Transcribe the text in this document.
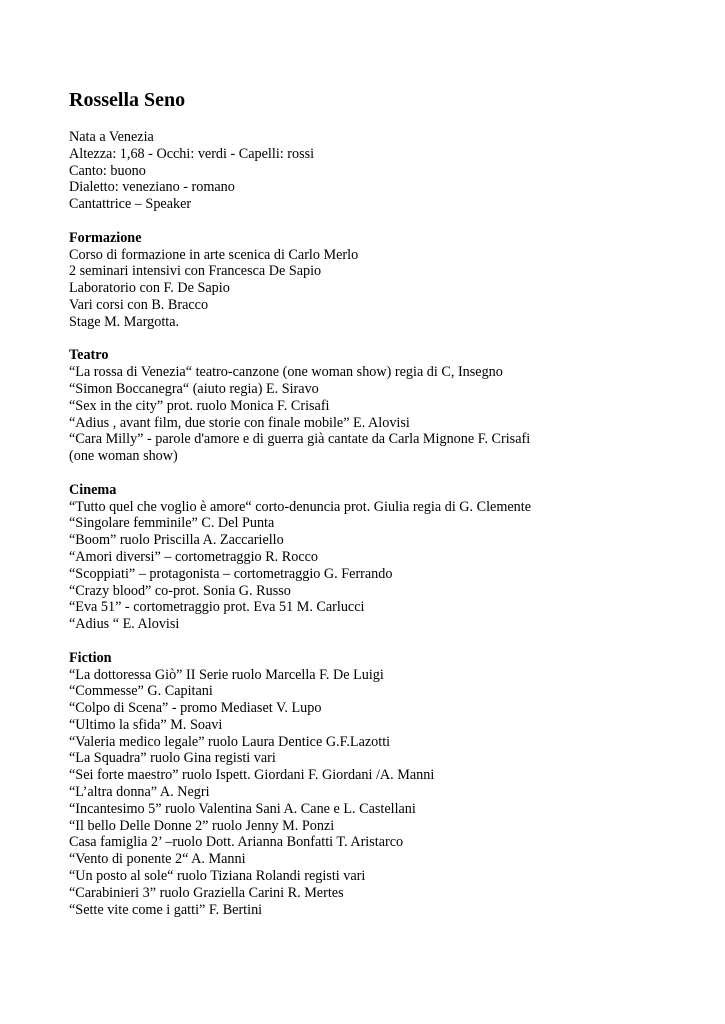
Rossella Seno
Nata a Venezia
Altezza: 1,68 - Occhi: verdi - Capelli: rossi
Canto: buono
Dialetto: veneziano - romano
Cantattrice – Speaker
Formazione
Corso di formazione in arte scenica di Carlo Merlo
2 seminari intensivi con Francesca De Sapio
Laboratorio con F. De Sapio
Vari corsi con B. Bracco
Stage M. Margotta.
Teatro
“La rossa di Venezia“ teatro-canzone (one woman show) regia di C, Insegno
“Simon Boccanegra“ (aiuto regia) E. Siravo
“Sex in the city” prot. ruolo Monica F. Crisafi
“Adius , avant film, due storie con finale mobile” E. Alovisi
“Cara Milly” - parole d'amore e di guerra già cantate da Carla Mignone F. Crisafi
(one woman show)
Cinema
“Tutto quel che voglio è amore“ corto-denuncia prot. Giulia regia di G. Clemente
“Singolare femminile” C. Del Punta
“Boom” ruolo Priscilla A. Zaccariello
“Amori diversi” – cortometraggio R. Rocco
“Scoppiati” – protagonista – cortometraggio G. Ferrando
“Crazy blood” co-prot. Sonia G. Russo
“Eva 51” - cortometraggio prot. Eva 51 M. Carlucci
“Adius “ E. Alovisi
Fiction
“La dottoressa Giò” II Serie ruolo Marcella F. De Luigi
“Commesse” G. Capitani
“Colpo di Scena” - promo Mediaset V. Lupo
“Ultimo la sfida” M. Soavi
“Valeria medico legale” ruolo Laura Dentice G.F.Lazotti
“La Squadra” ruolo Gina registi vari
“Sei forte maestro” ruolo Ispett. Giordani F. Giordani /A. Manni
“L’altra donna” A. Negri
“Incantesimo 5” ruolo Valentina Sani A. Cane e L. Castellani
“Il bello Delle Donne 2” ruolo Jenny M. Ponzi
Casa famiglia 2’ –ruolo Dott. Arianna Bonfatti T. Aristarco
“Vento di ponente 2“ A. Manni
“Un posto al sole“ ruolo Tiziana Rolandi registi vari
“Carabinieri 3” ruolo Graziella Carini R. Mertes
“Sette vite come i gatti” F. Bertini
